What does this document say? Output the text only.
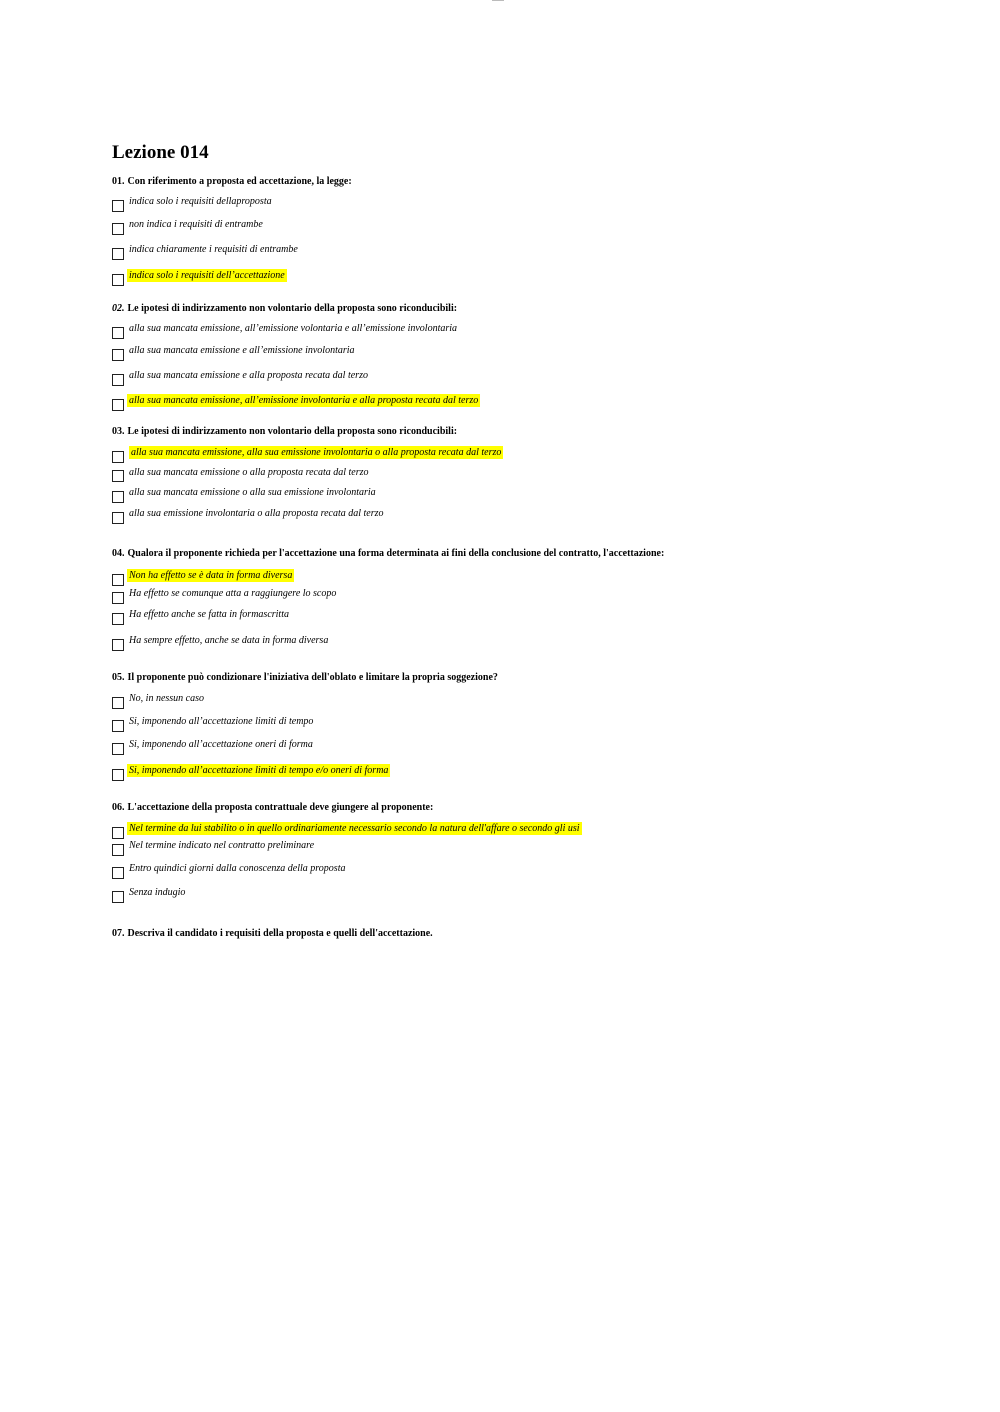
Lezione 014
01. Con riferimento a proposta ed accettazione, la legge:
indica solo i requisiti dellaproposta
non indica i requisiti di entrambe
indica chiaramente i requisiti di entrambe
indica solo i requisiti dell’accettazione
02. Le ipotesi di indirizzamento non volontario della proposta sono riconducibili:
alla sua mancata emissione, all’emissione volontaria e all’emissione involontaria
alla sua mancata emissione e all’emissione involontaria
alla sua mancata emissione e alla proposta recata dal terzo
alla sua mancata emissione, all’emissione involontaria e alla proposta recata dal terzo
03. Le ipotesi di indirizzamento non volontario della proposta sono riconducibili:
alla sua mancata emissione, alla sua emissione involontaria o alla proposta recata dal terzo
alla sua mancata emissione o alla proposta recata dal terzo
alla sua mancata emissione o alla sua emissione involontaria
alla sua emissione involontaria o alla proposta recata dal terzo
04. Qualora il proponente richieda per l'accettazione una forma determinata ai fini della conclusione del contratto, l'accettazione:
Non ha effetto se è data in forma diversa
Ha effetto se comunque atta a raggiungere lo scopo
Ha effetto anche se fatta in formascritta
Ha sempre effetto, anche se data in forma diversa
05. Il proponente può condizionare l'iniziativa dell'oblato e limitare la propria soggezione?
No, in nessun caso
Si, imponendo all’accettazione limiti di tempo
Si, imponendo all’accettazione oneri di forma
Si, imponendo all’accettazione limiti di tempo e/o oneri di forma
06. L'accettazione della proposta contrattuale deve giungere al proponente:
Nel termine da lui stabilito o in quello ordinariamente necessario secondo la natura dell'affare o secondo gli usi
Nel termine indicato nel contratto preliminare
Entro quindici giorni dalla conoscenza della proposta
Senza indugio
07. Descriva il candidato i requisiti della proposta e quelli dell'accettazione.
